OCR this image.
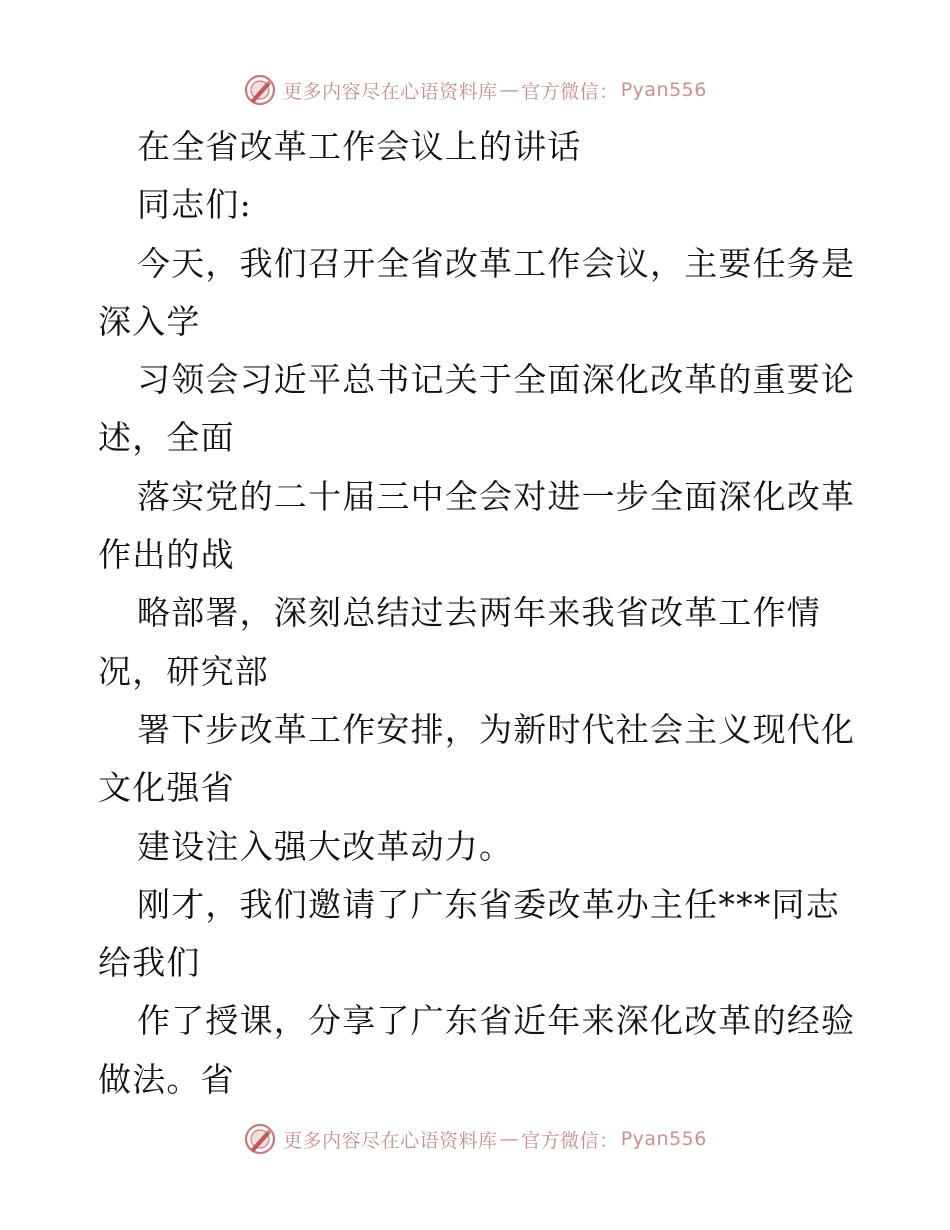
更多内容尽在心语资料库 — 官方微信： Pyan556
在全省改革工作会议上的讲话
同志们:
今天，我们召开全省改革工作会议，主要任务是
深入学
习领会习近平总书记关于全面深化改革的重要论
述，全面
落实党的二十届三中全会对进一步全面深化改革
作出的战
略部署，深刻总结过去两年来我省改革工作情
况，研究部
署下步改革工作安排，为新时代社会主义现代化
文化强省
建设注入强大改革动力。
刚才，我们邀请了广东省委改革办主任***同志
给我们
作了授课，分享了广东省近年来深化改革的经验
做法。省
更多内容尽在心语资料库 — 官方微信： Pyan556
